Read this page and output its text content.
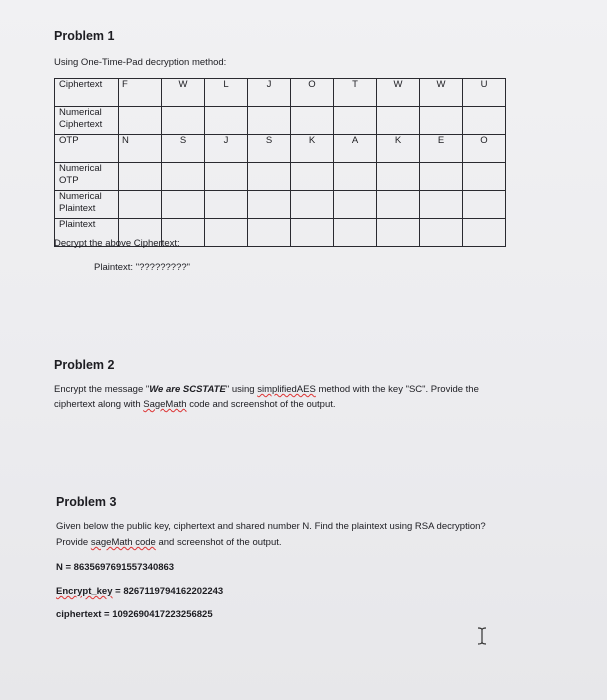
Problem 1
Using One-Time-Pad decryption method:
Ciphertext	F	W	L	J	O	T	W	W	U
Numerical Ciphertext									
OTP	N	S	J	S	K	A	K	E	O
Numerical OTP									
Numerical Plaintext									
Plaintext									
Decrypt the above Ciphertext:
Plaintext: "?????????"
Problem 2
Encrypt the message "We are SCSTATE" using simplifiedAES method with the key "SC". Provide the
ciphertext along with SageMath code and screenshot of the output.
Problem 3
Given below the public key, ciphertext and shared number N. Find the plaintext using RSA decryption?
Provide sageMath code and screenshot of the output.
N = 8635697691557340863
Encrypt_key = 8267119794162202243
ciphertext = 1092690417223256825
